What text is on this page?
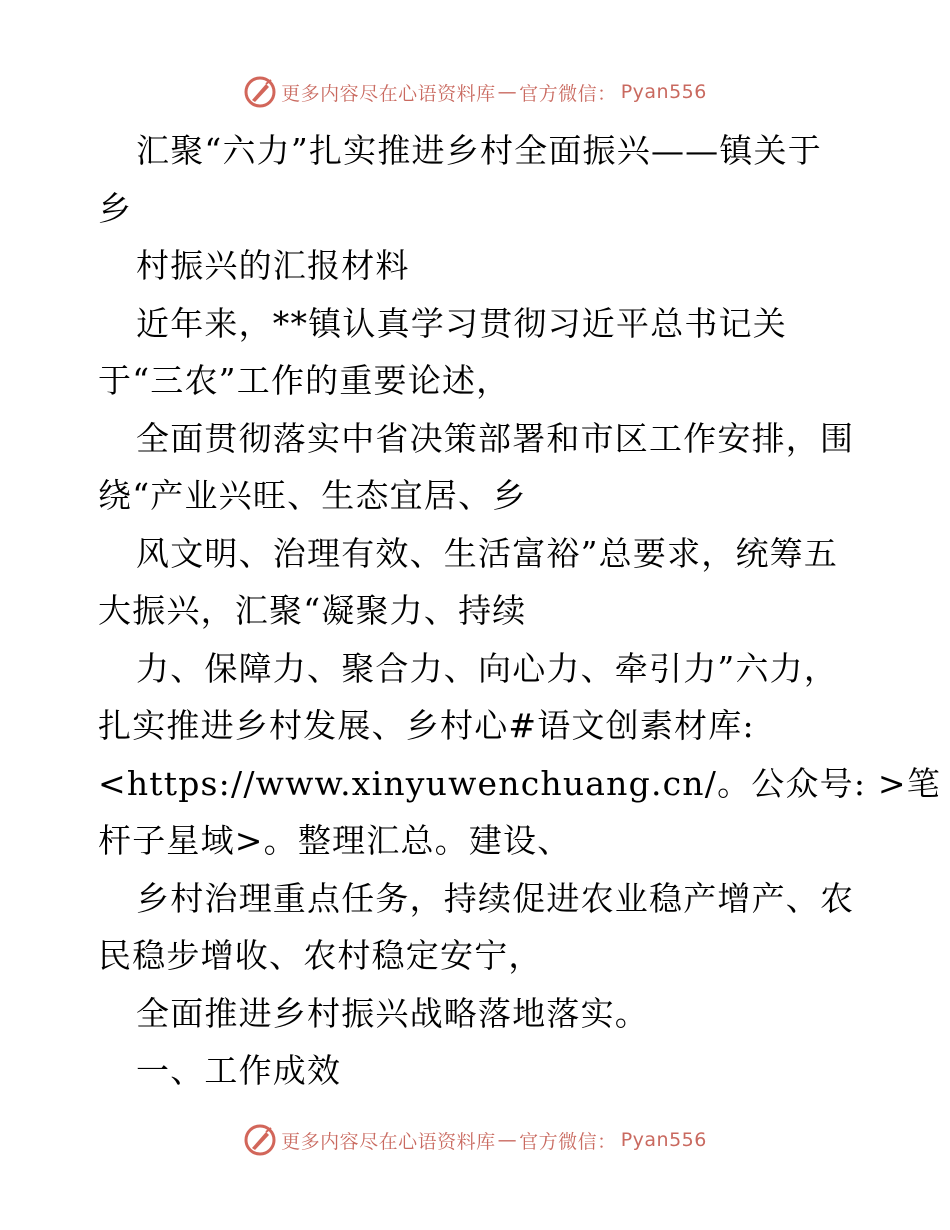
更多内容尽在心语资料库 — 官方微信： Pyan556
汇聚“六力”扎实推进乡村全面振兴——镇关于
乡
村振兴的汇报材料
近年来，**镇认真学习贯彻习近平总书记关
于“三农”工作的重要论述，
全面贯彻落实中省决策部署和市区工作安排，围
绕“产业兴旺、生态宜居、乡
风文明、治理有效、生活富裕”总要求，统筹五
大振兴，汇聚“凝聚力、持续
力、保障力、聚合力、向心力、牵引力”六力，
扎实推进乡村发展、乡村心#语文创素材库:
<https://www.xinyuwenchuang.cn/。公众号: >笔
杆子星域>。整理汇总。建设、
乡村治理重点任务，持续促进农业稳产增产、农
民稳步增收、农村稳定安宁，
全面推进乡村振兴战略落地落实。
一、工作成效
更多内容尽在心语资料库 — 官方微信： Pyan556
